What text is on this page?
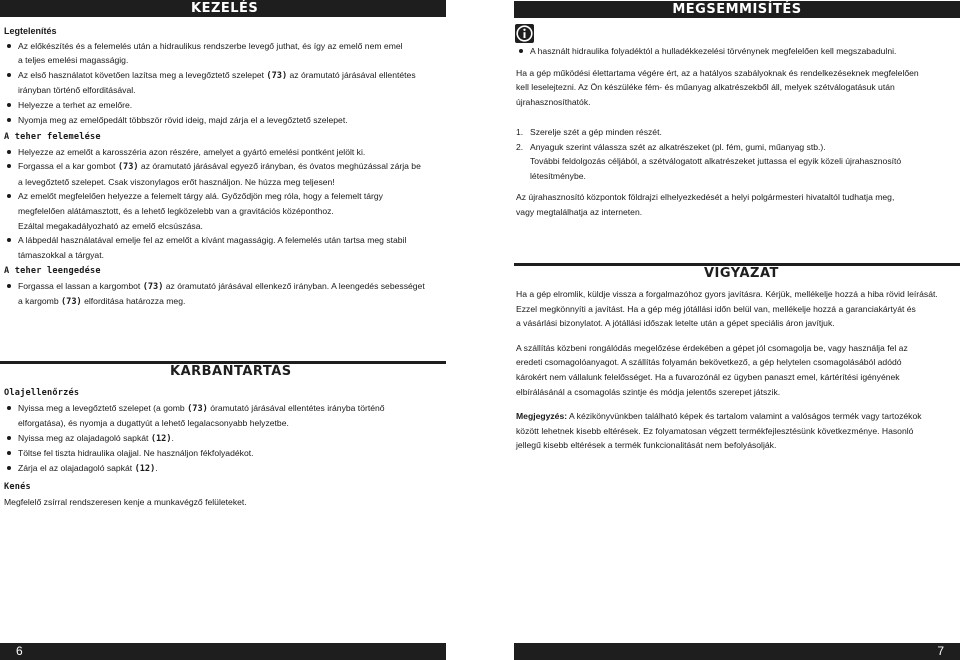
KEZELÉS
Legtelenítés
Az előkészítés és a felemelés után a hidraulikus rendszerbe levegő juthat, és így az emelő nem emel
a teljes emelési magasságig.
Az első használatot követően lazítsa meg a levegőztető szelepet (73) az óramutató járásával ellentétes
irányban történő elforditásával.
Helyezze a terhet az emelőre.
Nyomja meg az emelőpedált többször rövid ideig, majd zárja el a levegőztető szelepet.
A teher felemelése
Helyezze az emelőt a karosszéria azon részére, amelyet a gyártó emelési pontként jelölt ki.
Forgassa el a kar gombot (73) az óramutató járásával egyező irányban, és óvatos meghúzással zárja be
a levegőztető szelepet. Csak viszonylagos erőt használjon. Ne húzza meg teljesen!
Az emelőt megfelelően helyezze a felemelt tárgy alá. Győződjön meg róla, hogy a felemelt tárgy
megfelelően alátámasztott, és a lehető legközelebb van a gravitációs középonthoz.
Ezáltal megakadályozható az emelő elcsúszása.
A lábpedál használatával emelje fel az emelőt a kívánt magasságig. A felemelés után tartsa meg stabil
támaszokkal a tárgyat.
A teher leengedése
Forgassa el lassan a kargombot (73) az óramutató járásával ellenkező irányban. A leengedés sebességet
a kargomb (73) elforditása határozza meg.
KARBANTARTÁS
Olajellenőrzés
Nyissa meg a levegőztető szelepet (a gomb (73) óramutató járásával ellentétes irányba történő
elforgatása), és nyomja a dugattyút a lehető legalacsonyabb helyzetbe.
Nyissa meg az olajadagoló sapkát (12).
Töltse fel tiszta hidraulika olajjal. Ne használjon fékfolyadékot.
Zárja el az olajadagoló sapkát (12).
Kenés

Megfelelő zsírral rendszeresen kenje a munkavégző felületeket.

6
MEGSEMMISÍTÉS
A használt hidraulika folyadéktól a hulladékkezelési törvénynek megfelelően kell megszabadulni.

Ha a gép működési élettartama végére ért, az a hatályos szabályoknak és rendelkezéseknek megfelelően
kell leselejtezni. Az Ön készüléke fém- és műanyag alkatrészekből áll, melyek szétválogatásuk után
újrahasznosíthatók.

1. Szerelje szét a gép minden részét.
2. Anyaguk szerint válassza szét az alkatrészeket (pl. fém, gumi, műanyag stb.).
További feldolgozás céljából, a szétválogatott alkatrészeket juttassa el egyik közeli újrahasznosító
létesítménybe.

Az újrahasznosító központok földrajzi elhelyezkedését a helyi polgármesteri hivataltól tudhatja meg,
vagy megtalálhatja az interneten.

VIGYÁZAT

Ha a gép elromlik, küldje vissza a forgalmazóhoz gyors javításra. Kérjük, mellékelje hozzá a hiba rövid leírását.
Ezzel megkönnyíti a javítást. Ha a gép még jótállási időn belül van, mellékelje hozzá a garanciakártyát és
a vásárlási bizonylatot. A jótállási időszak letelte után a gépet speciális áron javítjuk.

A szállítás közbeni rongálódás megelőzése érdekében a gépet jól csomagolja be, vagy használja fel az
eredeti csomagolóanyagot. A szállítás folyamán bekövetkező, a gép helytelen csomagolásából adódó
károkért nem vállalunk felelősséget. Ha a fuvarozónál ez ügyben panaszt emel, kártérítési igényének
elbírálásánál a csomagolás szintje és módja jelentős szerepet játszik.

Megjegyzés: A kézikönyvünkben található képek és tartalom valamint a valóságos termék vagy tartozékok
között lehetnek kisebb eltérések. Ez folyamatosan végzett termékfejlesztésünk következménye. Hasonló
jellegű kisebb eltérések a termék funkcionalitását nem befolyásolják.

7
